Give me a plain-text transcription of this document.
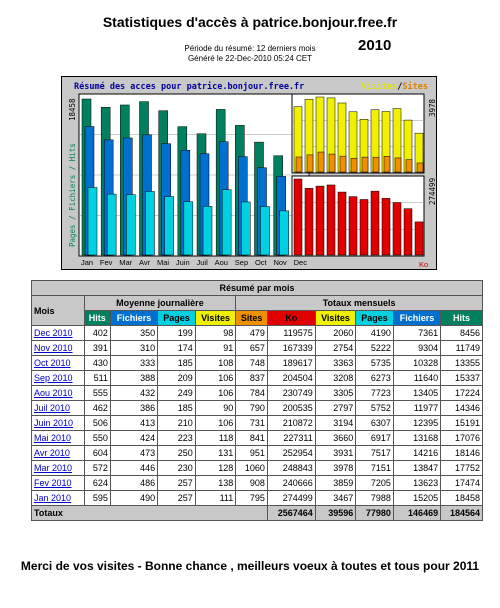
Statistiques d'accès à patrice.bonjour.free.fr
Période du résumé: 12 derniers mois
Généré le 22-Dec-2010 05:24 CET
2010
Résumé des acces pour patrice.bonjour.free.fr	Visites/Sites
Pages / Fichiers / Hits
18458	3978
274499
Jan Fev Mar Avr Mai Juin Juil Aou Sep Oct Nov Dec	Ko
Résumé par mois										
Mois	Moyenne journalière				Totaux mensuels					
	Hits	Fichiers	Pages	Visites	Sites	Ko	Visites	Pages	Fichiers	Hits
Dec 2010	402	350	199	98	479	119575	2060	4190	7361	8456
Nov 2010	391	310	174	91	657	167339	2754	5222	9304	11749
Oct 2010	430	333	185	108	748	189617	3363	5735	10328	13355
Sep 2010	511	388	209	106	837	204504	3208	6273	11640	15337
Aou 2010	555	432	249	106	784	230749	3305	7723	13405	17224
Juil 2010	462	386	185	90	790	200535	2797	5752	11977	14346
Juin 2010	506	413	210	106	731	210872	3194	6307	12395	15191
Mai 2010	550	424	223	118	841	227311	3660	6917	13168	17076
Avr 2010	604	473	250	131	951	252954	3931	7517	14216	18146
Mar 2010	572	446	230	128	1060	248843	3978	7151	13847	17752
Fev 2010	624	486	257	138	908	240666	3859	7205	13623	17474
Jan 2010	595	490	257	111	795	274499	3467	7988	15205	18458
Totaux						2567464	39596	77980	146469	184564
Merci de vos visites - Bonne chance , meilleurs voeux à toutes et tous pour 2011
